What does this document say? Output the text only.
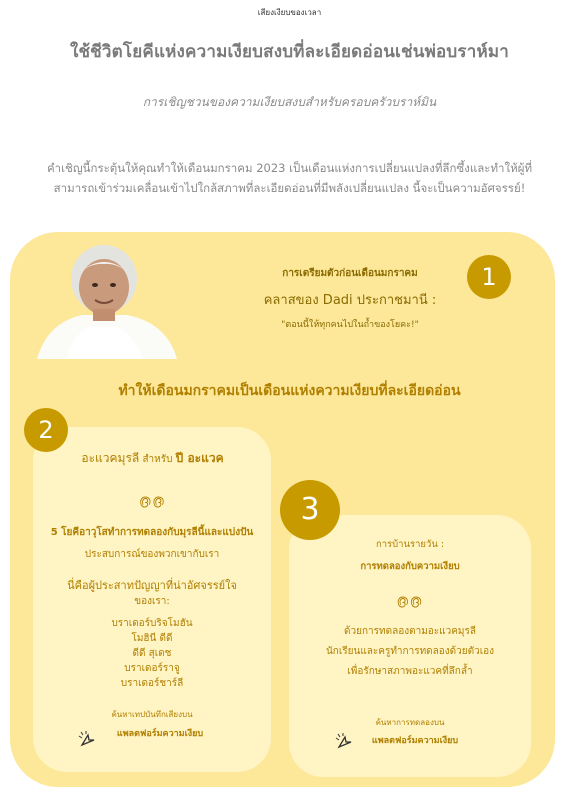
เสียงเงียบของเวลา
ใช้ชีวิตโยคีแห่งความเงียบสงบที่ละเอียดอ่อนเช่นพ่อบราห์มา
การเชิญชวนของความเงียบสงบสำหรับครอบครัวบราห์มิน
คำเชิญนี้กระตุ้นให้คุณทำให้เดือนมกราคม 2023 เป็นเดือนแห่งการเปลี่ยนแปลงที่ลึกซึ้งและทำให้ผู้ที่สามารถเข้าร่วมเคลื่อนเข้าไปใกล้สภาพที่ละเอียดอ่อนที่มีพลังเปลี่ยนแปลง นี้จะเป็นความอัศจรรย์!
การเตรียมตัวก่อนเดือนมกราคม
คลาสของ Dadi ประกาชมานี :
"ตอนนี้ให้ทุกคนไปในถ้ำของโยคะ!"
1
ทำให้เดือนมกราคมเป็นเดือนแห่งความเงียบที่ละเอียดอ่อน
2
อะแวคมุรลี สำหรับ ปี อะแวค
൫൫
5 โยคีอาวุโสทำการทดลองกับมุรลีนี้และแบ่งปัน
ประสบการณ์ของพวกเขากับเรา
นี่คือผู้ประสาทปัญญาที่น่าอัศจรรย์ใจ
ของเรา:
บราเดอร์บริจโมฮัน
โมฮินี ดีดี
ดีดี สุเดช
บราเดอร์ราจู
บราเดอร์ชาร์ลี
ค้นหาเทปบันทึกเสียงบน
แพลตฟอร์มความเงียบ
3
การบ้านรายวัน :
การทดลองกับความเงียบ
൫൫
ด้วยการทดลองตามอะแวคมุรลี
นักเรียนและครูทำการทดลองด้วยตัวเอง
เพื่อรักษาสภาพอะแวคที่ลึกล้ำ
ค้นหาการทดลองบน
แพลตฟอร์มความเงียบ
